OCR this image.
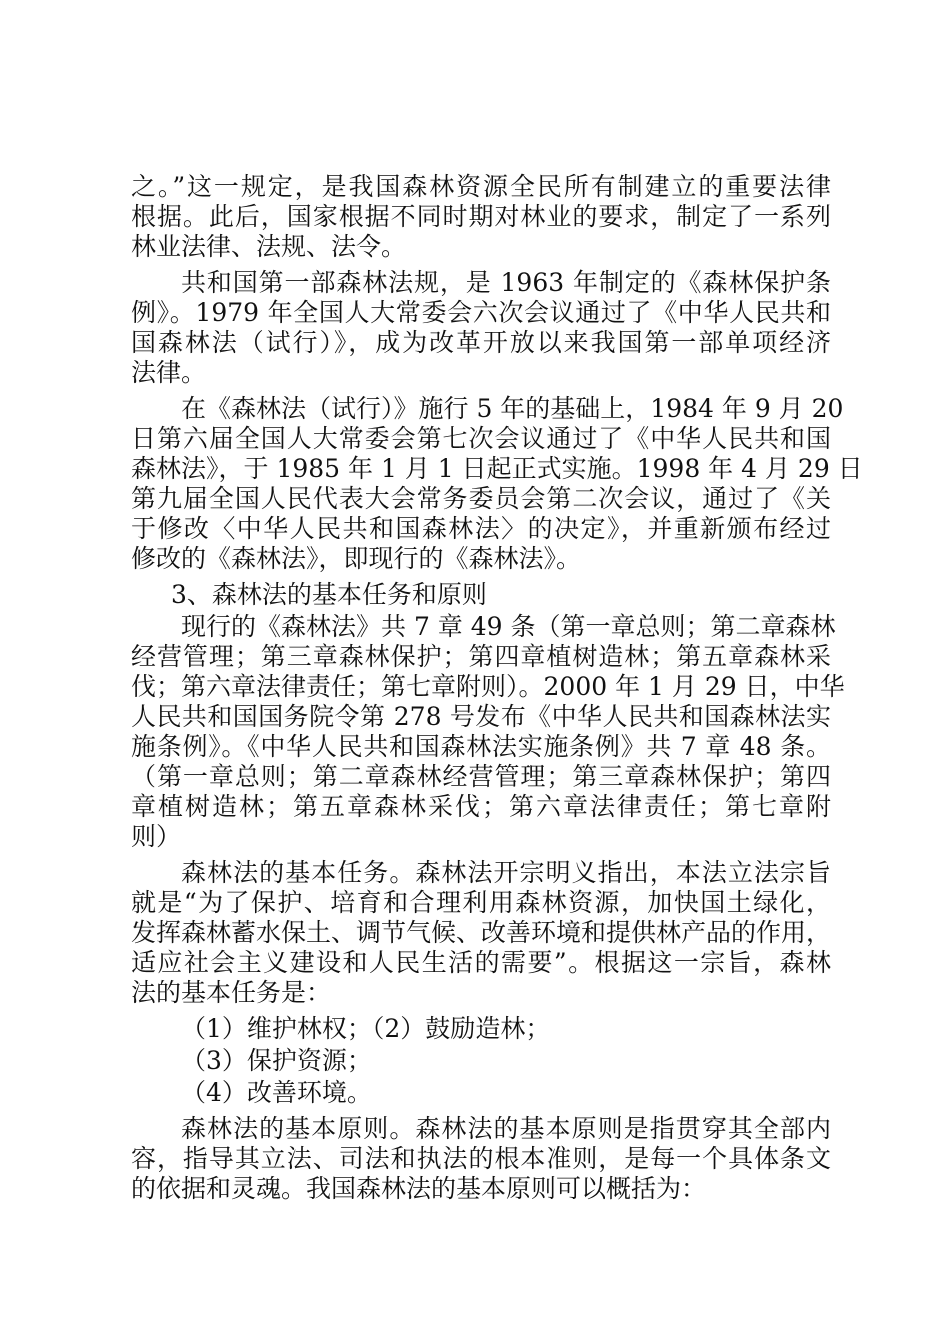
之。”这一规定，是我国森林资源全民所有制建立的重要法律
根据。此后，国家根据不同时期对林业的要求，制定了一系列
林业法律、法规、法令。
共和国第一部森林法规，是 1963 年制定的《森林保护条
例》。1979 年全国人大常委会六次会议通过了《中华人民共和
国森林法（试行）》，成为改革开放以来我国第一部单项经济
法律。
在《森林法（试行）》施行 5 年的基础上，1984 年 9 月 20
日第六届全国人大常委会第七次会议通过了《中华人民共和国
森林法》，于 1985 年 1 月 1 日起正式实施。1998 年 4 月 29 日
第九届全国人民代表大会常务委员会第二次会议，通过了《关
于修改〈中华人民共和国森林法〉的决定》，并重新颁布经过
修改的《森林法》，即现行的《森林法》。
3、森林法的基本任务和原则
现行的《森林法》共 7 章 49 条（第一章总则；第二章森林
经营管理；第三章森林保护；第四章植树造林；第五章森林采
伐；第六章法律责任；第七章附则）。2000 年 1 月 29 日，中华
人民共和国国务院令第 278 号发布《中华人民共和国森林法实
施条例》。《中华人民共和国森林法实施条例》共 7 章 48 条。
（第一章总则；第二章森林经营管理；第三章森林保护；第四
章植树造林；第五章森林采伐；第六章法律责任；第七章附
则）
森林法的基本任务。森林法开宗明义指出，本法立法宗旨
就是“为了保护、培育和合理利用森林资源，加快国土绿化，
发挥森林蓄水保土、调节气候、改善环境和提供林产品的作用，
适应社会主义建设和人民生活的需要”。根据这一宗旨，森林
法的基本任务是：
（1）维护林权；（2）鼓励造林；
（3）保护资源；
（4）改善环境。
森林法的基本原则。森林法的基本原则是指贯穿其全部内
容，指导其立法、司法和执法的根本准则，是每一个具体条文
的依据和灵魂。我国森林法的基本原则可以概括为：
